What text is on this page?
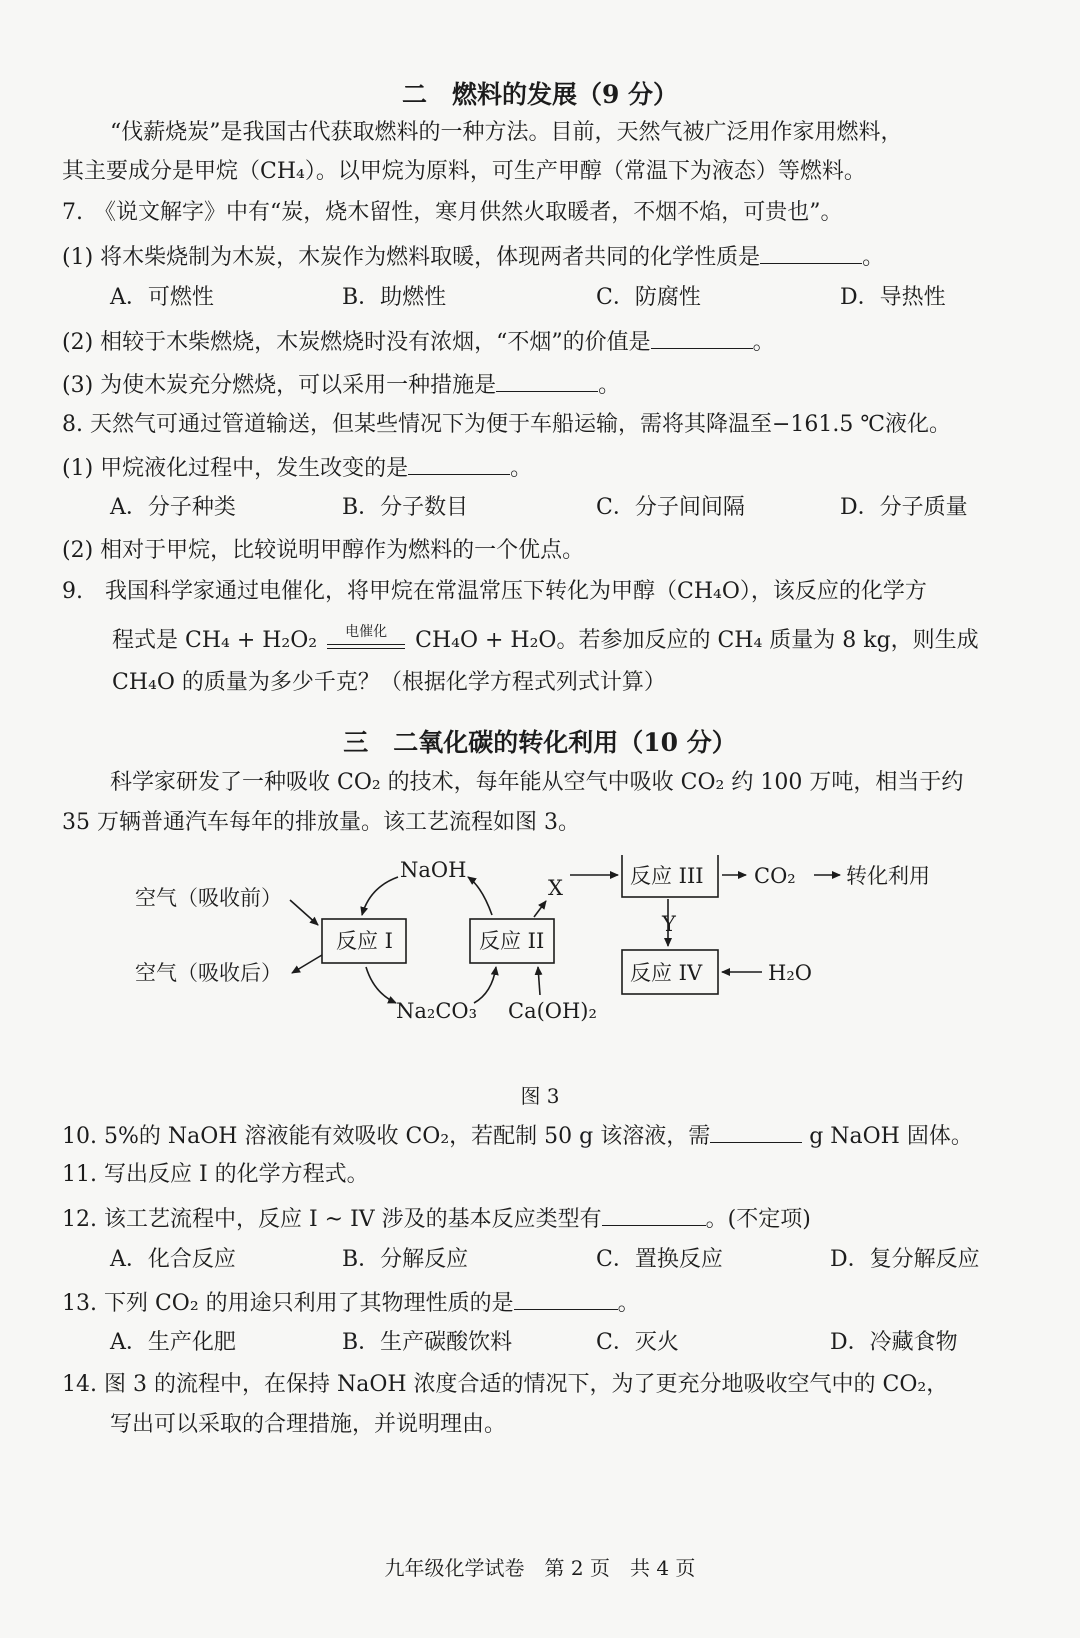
二　燃料的发展（9 分）
“伐薪烧炭”是我国古代获取燃料的一种方法。目前，天然气被广泛用作家用燃料，
其主要成分是甲烷（CH₄）。以甲烷为原料，可生产甲醇（常温下为液态）等燃料。
7.　《说文解字》中有“炭，烧木留性，寒月供然火取暖者，不烟不焰，可贵也”。
(1) 将木柴烧制为木炭，木炭作为燃料取暖，体现两者共同的化学性质是	。
A．可燃性	B．助燃性	C．防腐性	D．导热性
(2) 相较于木柴燃烧，木炭燃烧时没有浓烟，“不烟”的价值是	。
(3) 为使木炭充分燃烧，可以采用一种措施是	。
8. 天然气可通过管道输送，但某些情况下为便于车船运输，需将其降温至−161.5 ℃液化。
(1) 甲烷液化过程中，发生改变的是	。
A．分子种类	B．分子数目	C．分子间间隔	D．分子质量
(2) 相对于甲烷，比较说明甲醇作为燃料的一个优点。
9.　我国科学家通过电催化，将甲烷在常温常压下转化为甲醇（CH₄O），该反应的化学方
程式是 CH₄ + H₂O₂	电催化	CH₄O + H₂O。若参加反应的 CH₄ 质量为 8 kg，则生成
CH₄O 的质量为多少千克？（根据化学方程式列式计算）
三　二氧化碳的转化利用（10 分）
科学家研发了一种吸收 CO₂ 的技术，每年能从空气中吸收 CO₂ 约 100 万吨，相当于约
35 万辆普通汽车每年的排放量。该工艺流程如图 3。
空气（吸收前）
空气（吸收后）
反应 I	反应 II
反应 III
反应 IV
NaOH
Na₂CO₃ Ca(OH)₂
X
Y
CO₂ 转化利用
H₂O
图 3
10. 5%的 NaOH 溶液能有效吸收 CO₂，若配制 50 g 该溶液，需	g NaOH 固体。
11. 写出反应 I 的化学方程式。
12. 该工艺流程中，反应 I ~ IV 涉及的基本反应类型有	。(不定项)
A．化合反应	B．分解反应	C．置换反应	D．复分解反应
13. 下列 CO₂ 的用途只利用了其物理性质的是	。
A．生产化肥	B．生产碳酸饮料	C．灭火	D．冷藏食物
14. 图 3 的流程中，在保持 NaOH 浓度合适的情况下，为了更充分地吸收空气中的 CO₂，
写出可以采取的合理措施，并说明理由。
九年级化学试卷　第 2 页　共 4 页
